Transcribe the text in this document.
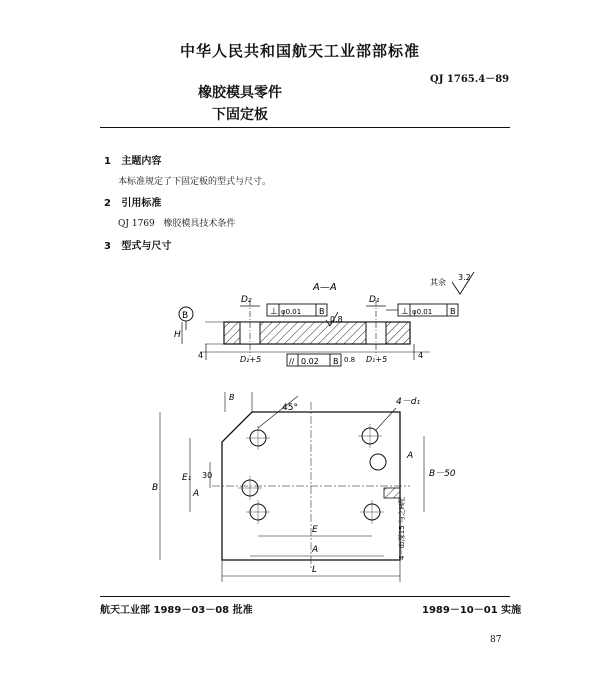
中华人民共和国航天工业部部标准
QJ 1765.4－89
橡胶模具零件
下固定板
1 主题内容
本标准规定了下固定板的型式与尺寸。
2 引用标准
QJ 1769 橡胶模具技术条件
3 型式与尺寸
A—A	其余
3.2
B
D₂	D₁
⊥ φ0.01 B	⊥ φ0.01 B
0.8
H
4	D₂+5	// 0.02 B 0.8 D₁+5	4
B
45°
4－d₁
A
A
B
E₁ 30	B－50
4－d₂深15 与之H配
E
A
L
航天工业部 1989－03－08 批准	1989－10－01 实施
87
